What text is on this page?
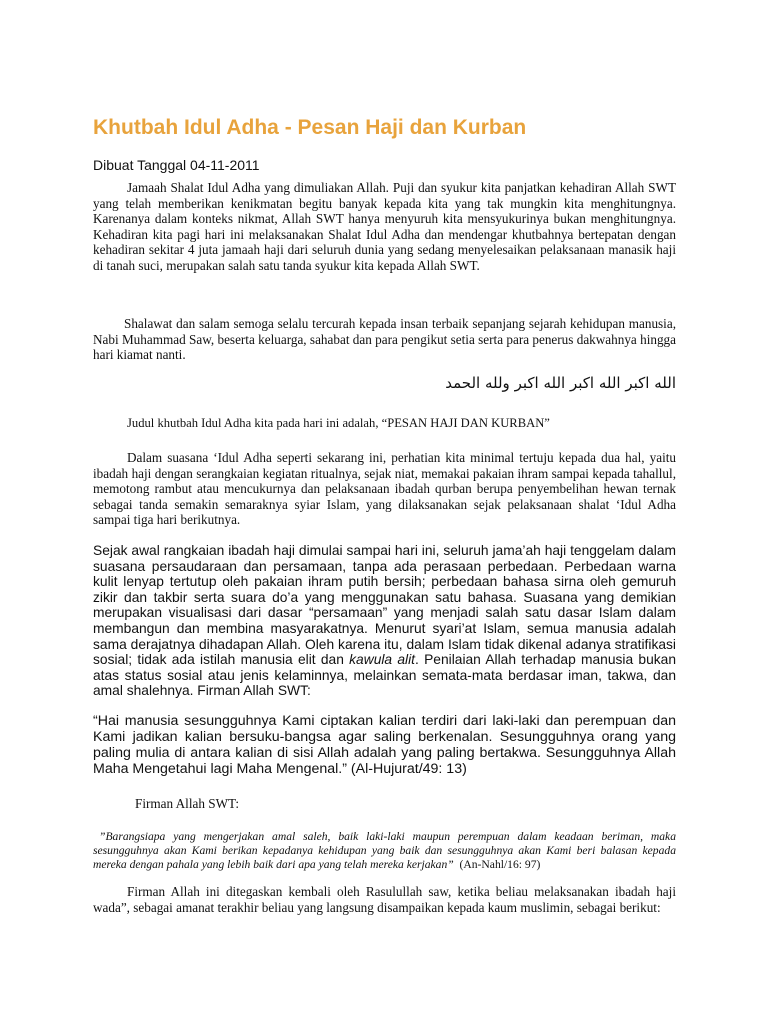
Khutbah Idul Adha - Pesan Haji dan Kurban
Dibuat Tanggal 04-11-2011

Jamaah Shalat Idul Adha yang dimuliakan Allah. Puji dan syukur kita panjatkan kehadiran Allah SWT yang telah memberikan kenikmatan begitu banyak kepada kita yang tak mungkin kita menghitungnya. Karenanya dalam konteks nikmat, Allah SWT hanya menyuruh kita mensyukurinya bukan menghitungnya. Kehadiran kita pagi hari ini melaksanakan Shalat Idul Adha dan mendengar khutbahnya bertepatan dengan kehadiran sekitar 4 juta jamaah haji dari seluruh dunia yang sedang menyelesaikan pelaksanaan manasik haji di tanah suci, merupakan salah satu tanda syukur kita kepada Allah SWT.

Shalawat dan salam semoga selalu tercurah kepada insan terbaik sepanjang sejarah kehidupan manusia, Nabi Muhammad Saw, beserta keluarga, sahabat dan para pengikut setia serta para penerus dakwahnya hingga hari kiamat nanti.

الله اكبر الله اكبر الله اكبر ولله الحمد

Judul khutbah Idul Adha kita pada hari ini adalah, “PESAN HAJI DAN KURBAN”

Dalam suasana ‘Idul Adha seperti sekarang ini, perhatian kita minimal tertuju kepada dua hal, yaitu ibadah haji dengan serangkaian kegiatan ritualnya, sejak niat, memakai pakaian ihram sampai kepada tahallul, memotong rambut atau mencukurnya dan pelaksanaan ibadah qurban berupa penyembelihan hewan ternak sebagai tanda semakin semaraknya syiar Islam, yang dilaksanakan sejak pelaksanaan shalat ‘Idul Adha sampai tiga hari berikutnya.

Sejak awal rangkaian ibadah haji dimulai sampai hari ini, seluruh jama’ah haji tenggelam dalam suasana persaudaraan dan persamaan, tanpa ada perasaan perbedaan. Perbedaan warna kulit lenyap tertutup oleh pakaian ihram putih bersih; perbedaan bahasa sirna oleh gemuruh zikir dan takbir serta suara do’a yang menggunakan satu bahasa. Suasana yang demikian merupakan visualisasi dari dasar “persamaan” yang menjadi salah satu dasar Islam dalam membangun dan membina masyarakatnya. Menurut syari’at Islam, semua manusia adalah sama derajatnya dihadapan Allah. Oleh karena itu, dalam Islam tidak dikenal adanya stratifikasi sosial; tidak ada istilah manusia elit dan kawula alit. Penilaian Allah terhadap manusia bukan atas status sosial atau jenis kelaminnya, melainkan semata-mata berdasar iman, takwa, dan amal shalehnya. Firman Allah SWT:

“Hai manusia sesungguhnya Kami ciptakan kalian terdiri dari laki-laki dan perempuan dan Kami jadikan kalian bersuku-bangsa agar saling berkenalan. Sesungguhnya orang yang paling mulia di antara kalian di sisi Allah adalah yang paling bertakwa. Sesungguhnya Allah Maha Mengetahui lagi Maha Mengenal.” (Al-Hujurat/49: 13)

Firman Allah SWT:

”Barangsiapa yang mengerjakan amal saleh, baik laki-laki maupun perempuan dalam keadaan beriman, maka sesungguhnya akan Kami berikan kepadanya kehidupan yang baik dan sesungguhnya akan Kami beri balasan kepada mereka dengan pahala yang lebih baik dari apa yang telah mereka kerjakan” (An-Nahl/16: 97)

Firman Allah ini ditegaskan kembali oleh Rasulullah saw, ketika beliau melaksanakan ibadah haji wada”, sebagai amanat terakhir beliau yang langsung disampaikan kepada kaum muslimin, sebagai berikut:
